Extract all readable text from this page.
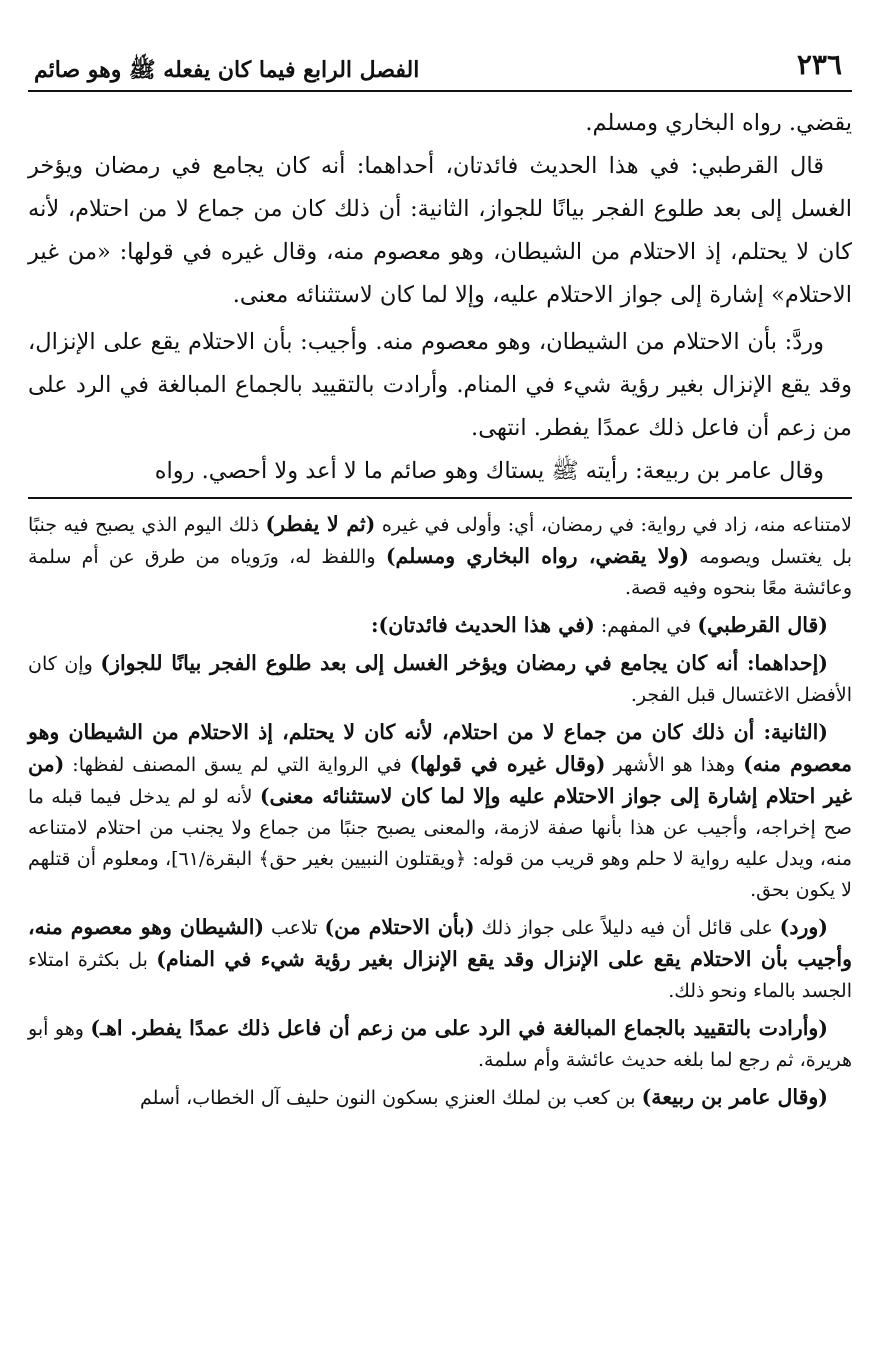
٢٣٦
الفصل الرابع فيما كان يفعله ﷺ وهو صائم

يقضي. رواه البخاري ومسلم.

قال القرطبي: في هذا الحديث فائدتان، أحداهما: أنه كان يجامع في رمضان ويؤخر الغسل إلى بعد طلوع الفجر بيانًا للجواز، الثانية: أن ذلك كان من جماع لا من احتلام، لأنه كان لا يحتلم، إذ الاحتلام من الشيطان، وهو معصوم منه، وقال غيره في قولها: «من غير الاحتلام» إشارة إلى جواز الاحتلام عليه، وإلا لما كان لاستثنائه معنى.

وردَّ: بأن الاحتلام من الشيطان، وهو معصوم منه. وأجيب: بأن الاحتلام يقع على الإنزال، وقد يقع الإنزال بغير رؤية شيء في المنام. وأرادت بالتقييد بالجماع المبالغة في الرد على من زعم أن فاعل ذلك عمدًا يفطر. انتهى.

وقال عامر بن ربيعة: رأيته ﷺ يستاك وهو صائم ما لا أعد ولا أحصي. رواه

لامتناعه منه، زاد في رواية: في رمضان، أي: وأولى في غيره (ثم لا يفطر) ذلك اليوم الذي يصبح فيه جنبًا بل يغتسل ويصومه (ولا يقضي، رواه البخاري ومسلم) واللفظ له، ورَوياه من طرق عن أم سلمة وعائشة معًا بنحوه وفيه قصة.

(قال القرطبي) في المفهم: (في هذا الحديث فائدتان):

(إحداهما: أنه كان يجامع في رمضان ويؤخر الغسل إلى بعد طلوع الفجر بيانًا للجواز) وإن كان الأفضل الاغتسال قبل الفجر.

(الثانية: أن ذلك كان من جماع لا من احتلام، لأنه كان لا يحتلم، إذ الاحتلام من الشيطان وهو معصوم منه) وهذا هو الأشهر (وقال غيره في قولها) في الرواية التي لم يسق المصنف لفظها: (من غير احتلام إشارة إلى جواز الاحتلام عليه وإلا لما كان لاستثنائه معنى) لأنه لو لم يدخل فيما قبله ما صح إخراجه، وأجيب عن هذا بأنها صفة لازمة، والمعنى يصبح جنبًا من جماع ولا يجنب من احتلام لامتناعه منه، ويدل عليه رواية لا حلم وهو قريب من قوله: ﴿ويقتلون النبيين بغير حق﴾ البقرة/٦١]، ومعلوم أن قتلهم لا يكون بحق.

(ورد) على قائل أن فيه دليلاً على جواز ذلك (بأن الاحتلام من) تلاعب (الشيطان وهو معصوم منه، وأجيب بأن الاحتلام يقع على الإنزال وقد يقع الإنزال بغير رؤية شيء في المنام) بل بكثرة امتلاء الجسد بالماء ونحو ذلك.

(وأرادت بالتقييد بالجماع المبالغة في الرد على من زعم أن فاعل ذلك عمدًا يفطر. اهـ) وهو أبو هريرة، ثم رجع لما بلغه حديث عائشة وأم سلمة.

(وقال عامر بن ربيعة) بن كعب بن لملك العنزي بسكون النون حليف آل الخطاب، أسلم
